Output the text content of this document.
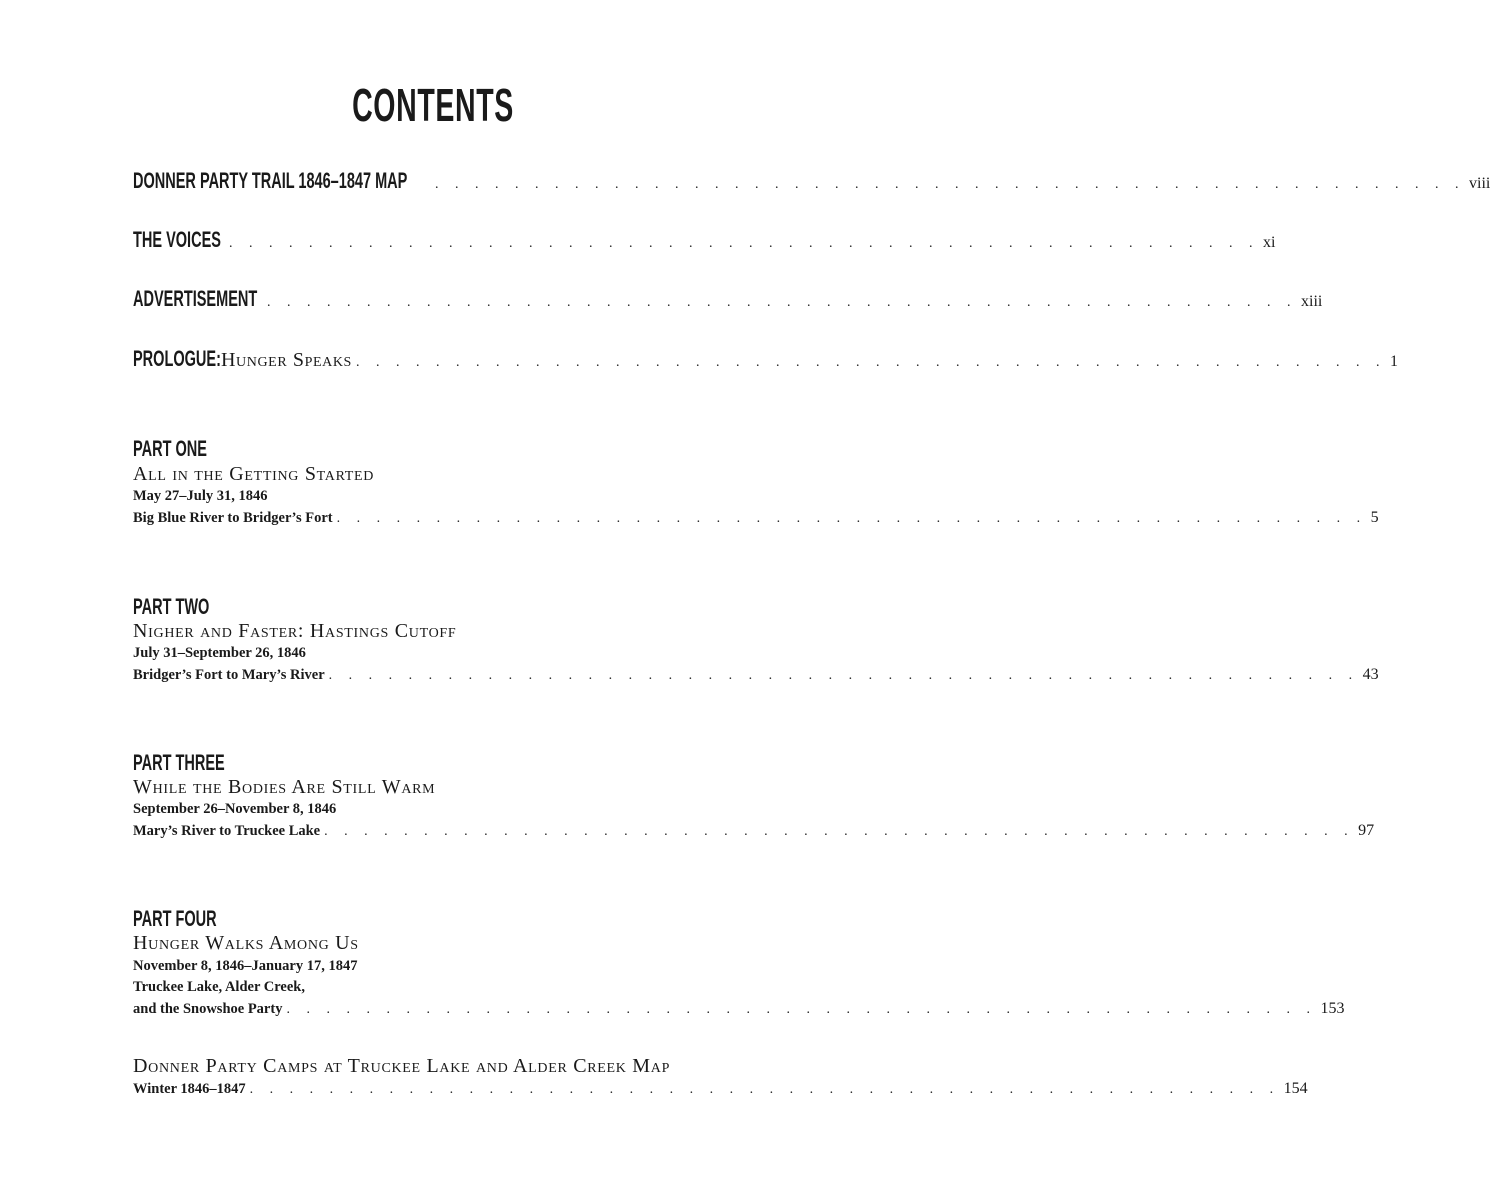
CONTENTS
DONNER PARTY TRAIL 1846–1847 MAP	. . . . . . . . . . . . . . . . . . . . . . . . . . . . . . . . . . . . . . . . . . . . . . . . . . . . viii
THE VOICES . . . . . . . . . . . . . . . . . . . . . . . . . . . . . . . . . . . . . . . . . . . . . . . . . . . . xi
ADVERTISEMENT . . . . . . . . . . . . . . . . . . . . . . . . . . . . . . . . . . . . . . . . . . . . . . . . . . . . xiii
PROLOGUE:Hunger Speaks . . . . . . . . . . . . . . . . . . . . . . . . . . . . . . . . . . . . . . . . . . . . . . . . . . . . 1
PART ONE
All in the Getting Started
May 27–July 31, 1846
Big Blue River to Bridger’s Fort . . . . . . . . . . . . . . . . . . . . . . . . . . . . . . . . . . . . . . . . . . . . . . . . . . . . 5
PART TWO
Nigher and Faster: Hastings Cutoff
July 31–September 26, 1846
Bridger’s Fort to Mary’s River . . . . . . . . . . . . . . . . . . . . . . . . . . . . . . . . . . . . . . . . . . . . . . . . . . . . 43
PART THREE
While the Bodies Are Still Warm
September 26–November 8, 1846
Mary’s River to Truckee Lake . . . . . . . . . . . . . . . . . . . . . . . . . . . . . . . . . . . . . . . . . . . . . . . . . . . . 97
PART FOUR
Hunger Walks Among Us
November 8, 1846–January 17, 1847
Truckee Lake, Alder Creek,
and the Snowshoe Party . . . . . . . . . . . . . . . . . . . . . . . . . . . . . . . . . . . . . . . . . . . . . . . . . . . . 153
Donner Party Camps at Truckee Lake and Alder Creek Map
Winter 1846–1847 . . . . . . . . . . . . . . . . . . . . . . . . . . . . . . . . . . . . . . . . . . . . . . . . . . . . 154
